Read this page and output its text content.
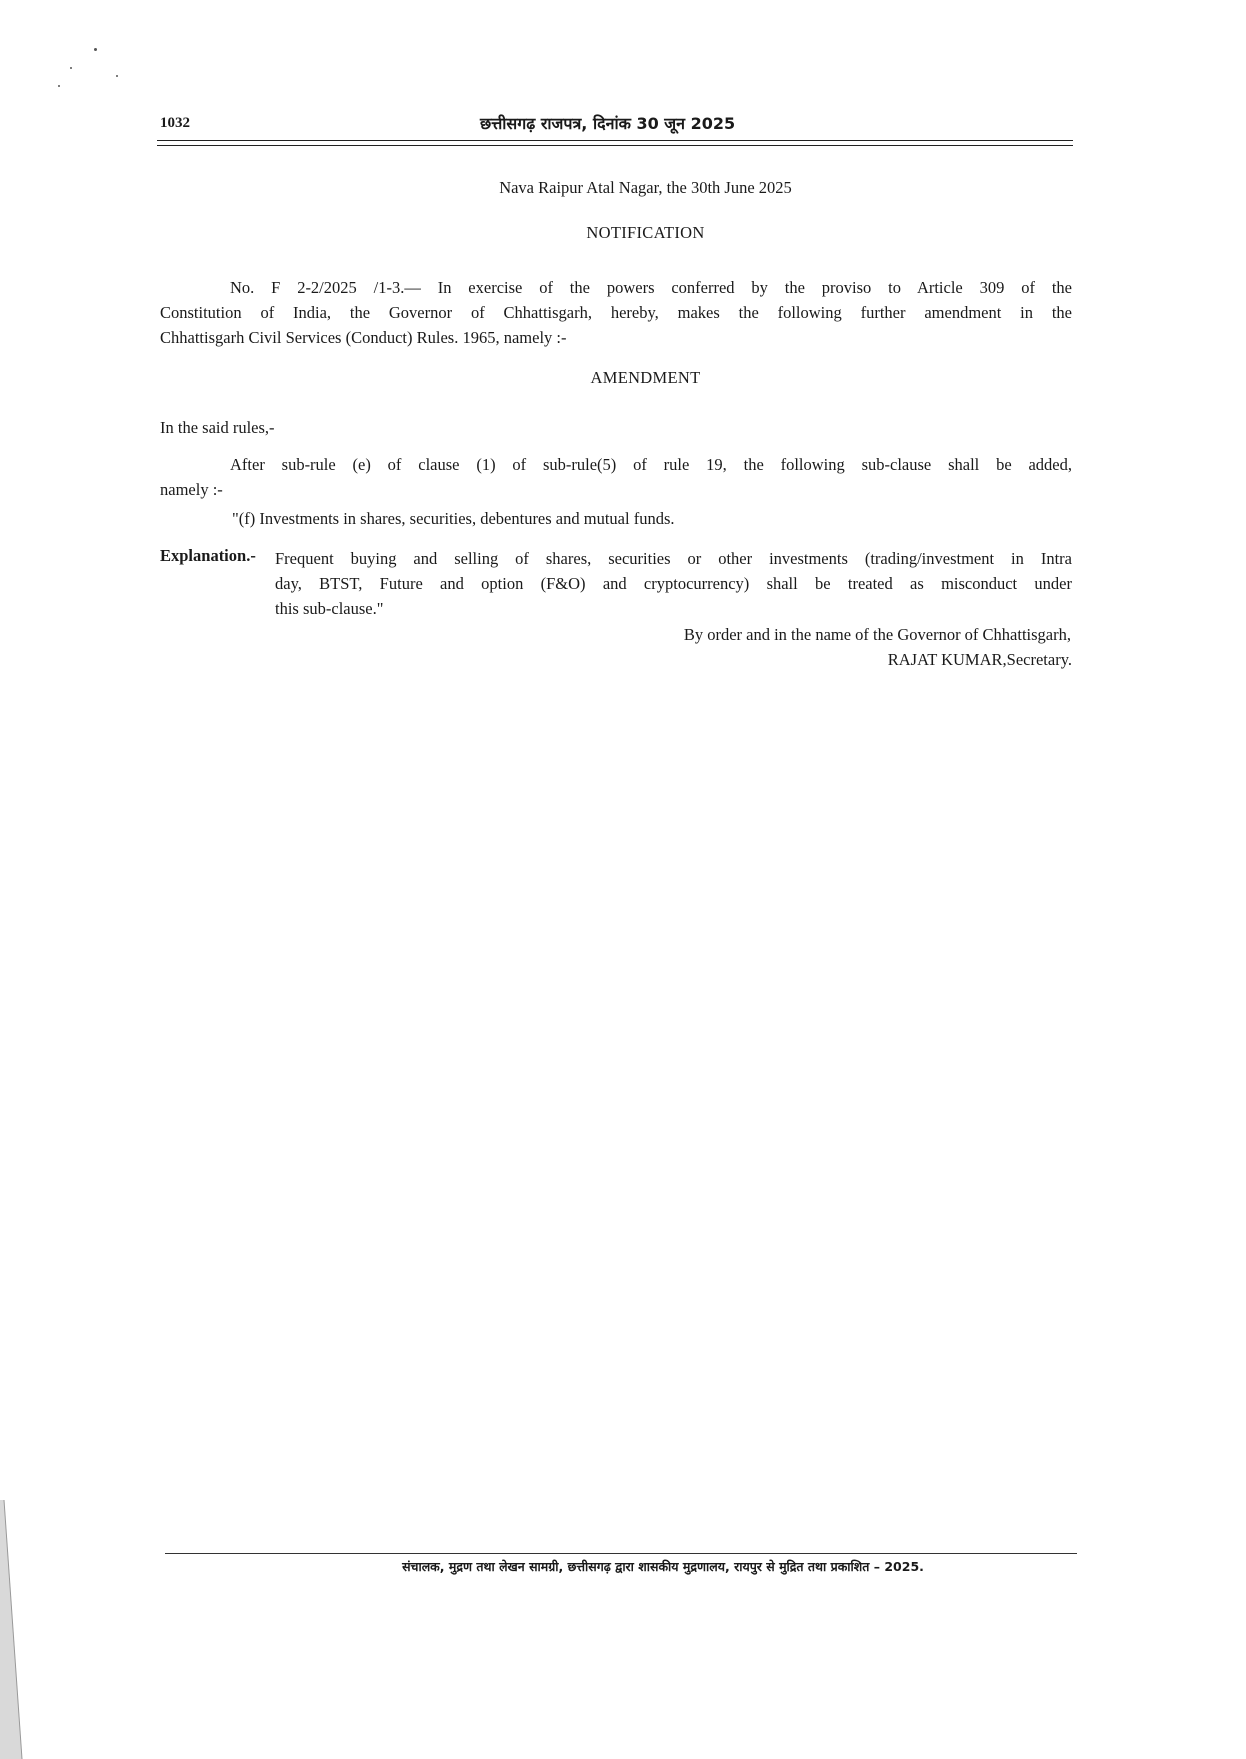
1032	छत्तीसगढ़ राजपत्र, दिनांक 30 जून 2025
Nava Raipur Atal Nagar, the 30th June 2025
NOTIFICATION
No. F 2-2/2025 /1-3.— In exercise of the powers conferred by the proviso to Article 309 of the
Constitution of India, the Governor of Chhattisgarh, hereby, makes the following further amendment in the
Chhattisgarh Civil Services (Conduct) Rules. 1965, namely :-
AMENDMENT
In the said rules,-
After sub-rule (e) of clause (1) of sub-rule(5) of rule 19, the following sub-clause shall be added,
namely :-
"(f) Investments in shares, securities, debentures and mutual funds.
Explanation.- Frequent buying and selling of shares, securities or other investments (trading/investment in Intra
day, BTST, Future and option (F&O) and cryptocurrency) shall be treated as misconduct under
this sub-clause."
By order and in the name of the Governor of Chhattisgarh,
RAJAT KUMAR,Secretary.
संचालक, मुद्रण तथा लेखन सामग्री, छत्तीसगढ़ द्वारा शासकीय मुद्रणालय, रायपुर से मुद्रित तथा प्रकाशित – 2025.
